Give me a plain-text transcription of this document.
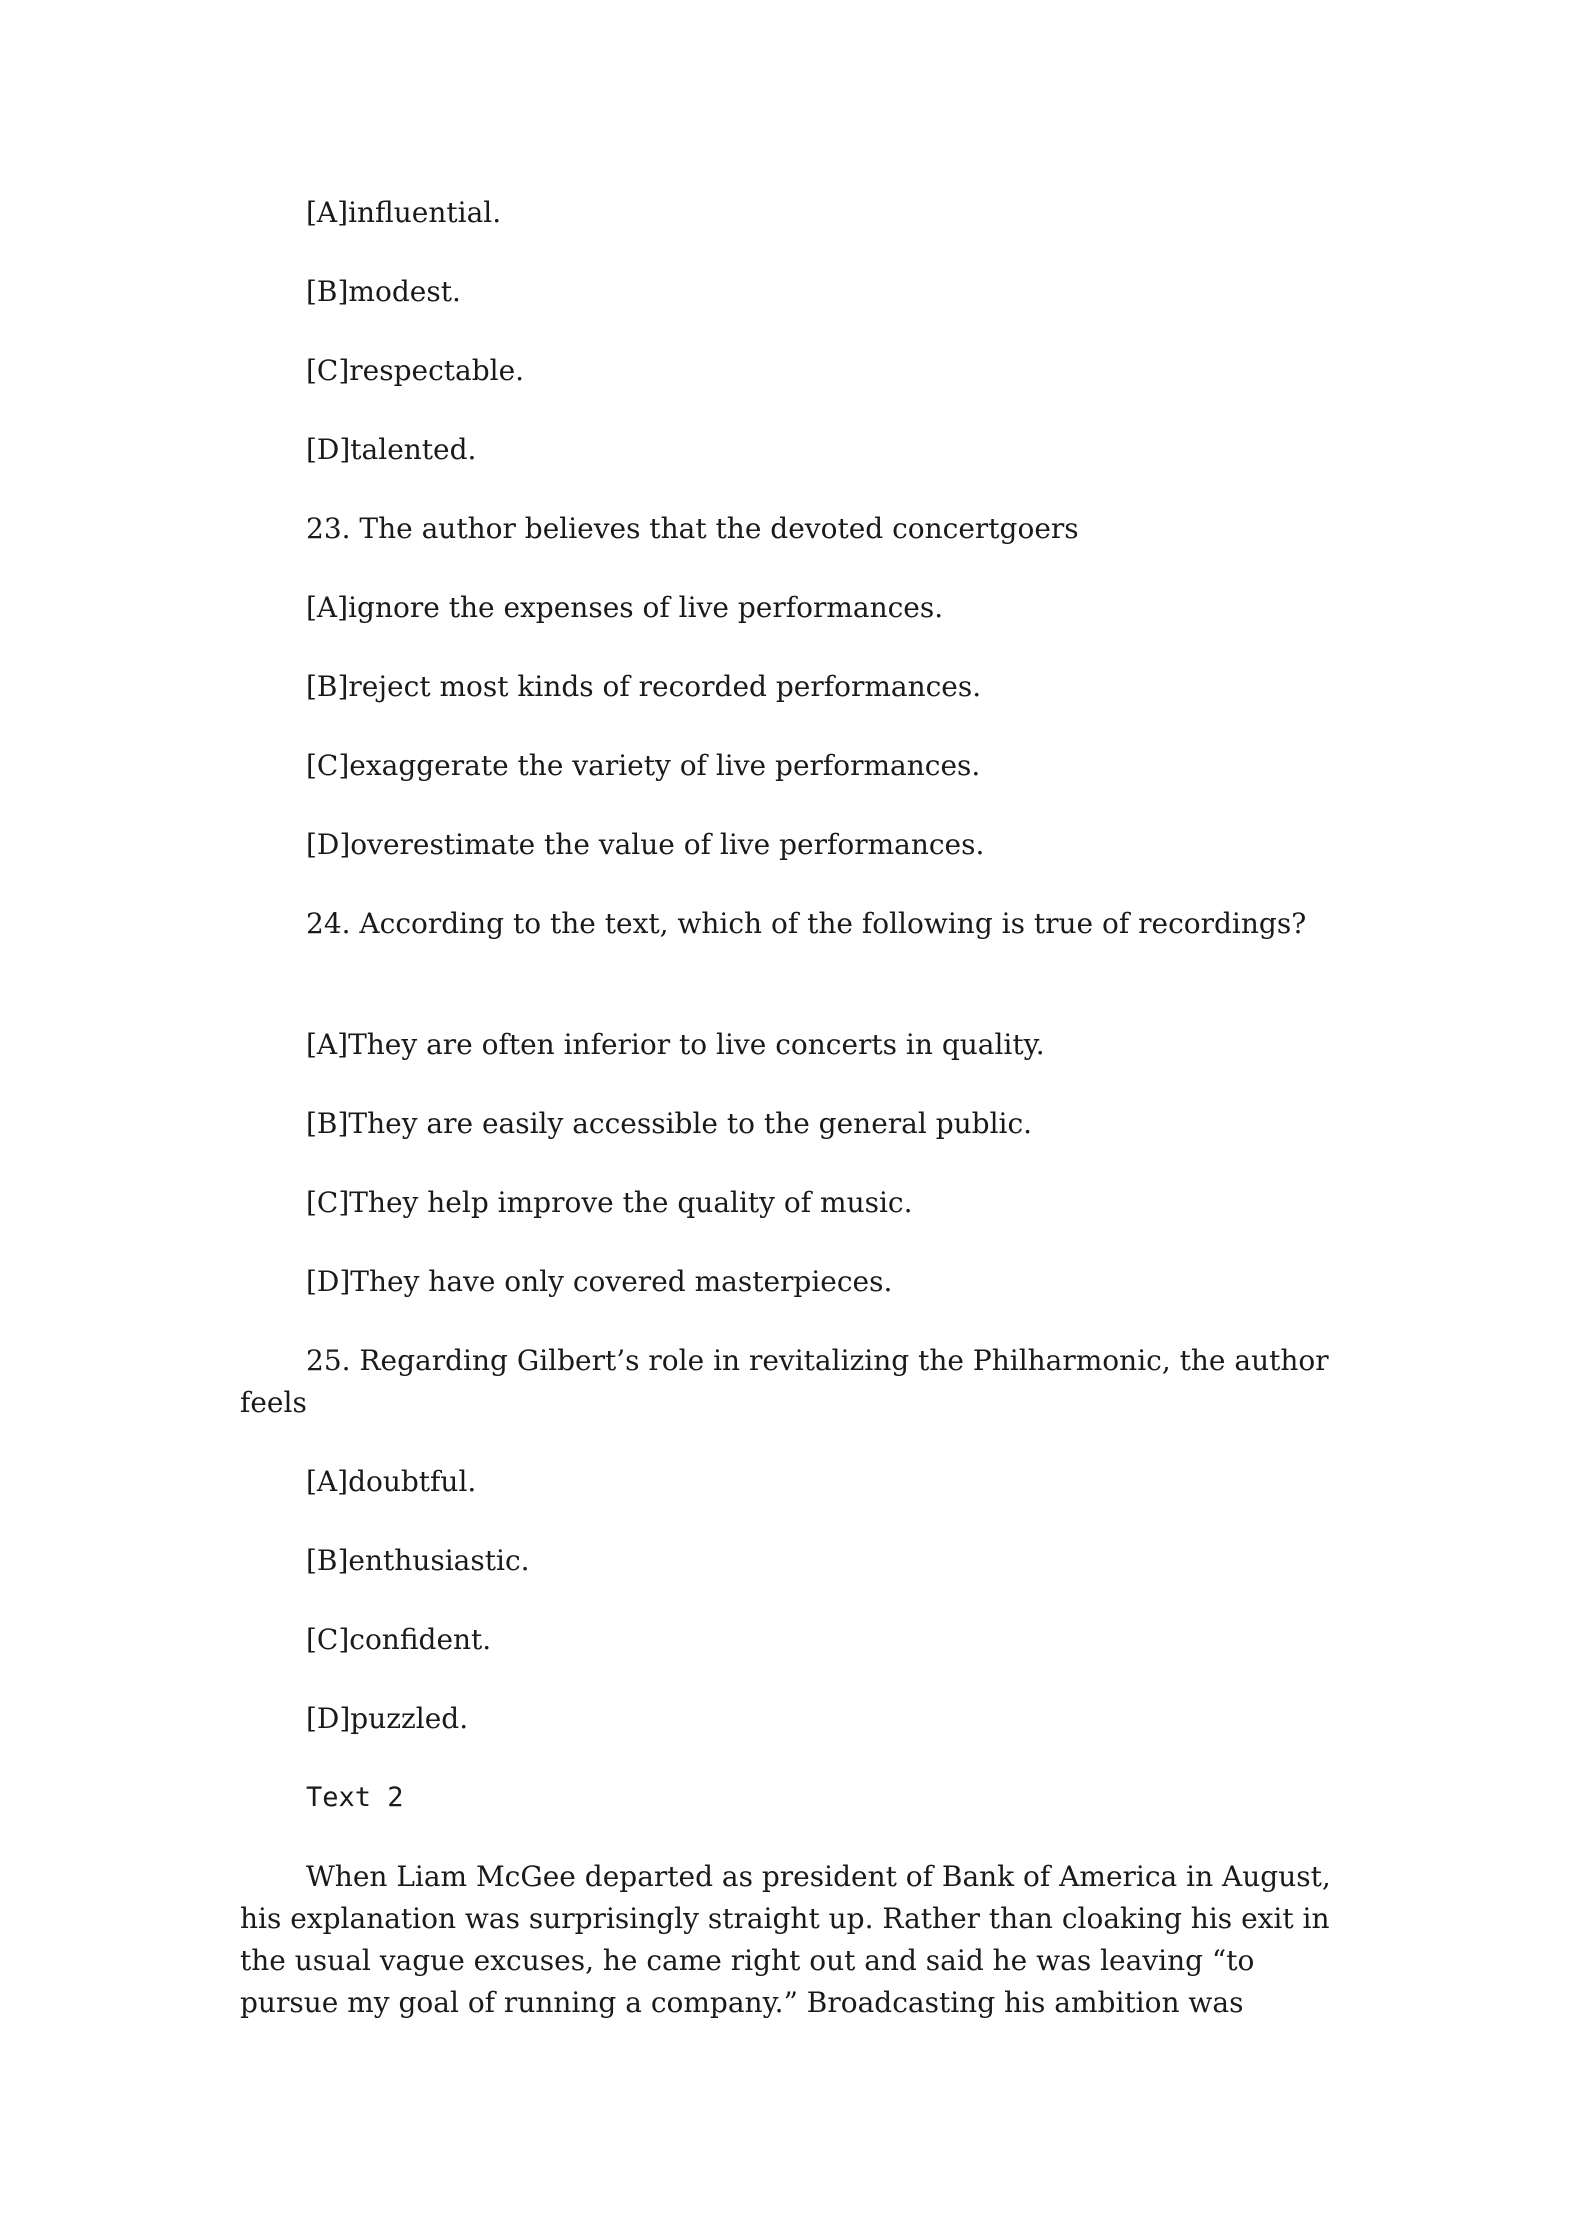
[A]influential.

[B]modest.

[C]respectable.

[D]talented.

23. The author believes that the devoted concertgoers

[A]ignore the expenses of live performances.

[B]reject most kinds of recorded performances.

[C]exaggerate the variety of live performances.

[D]overestimate the value of live performances.

24. According to the text, which of the following is true of recordings?

[A]They are often inferior to live concerts in quality.

[B]They are easily accessible to the general public.

[C]They help improve the quality of music.

[D]They have only covered masterpieces.

25. Regarding Gilbert’s role in revitalizing the Philharmonic, the author feels

[A]doubtful.

[B]enthusiastic.

[C]confident.

[D]puzzled.

Text 2

When Liam McGee departed as president of Bank of America in August, his explanation was surprisingly straight up. Rather than cloaking his exit in the usual vague excuses, he came right out and said he was leaving “to pursue my goal of running a company.” Broadcasting his ambition was
